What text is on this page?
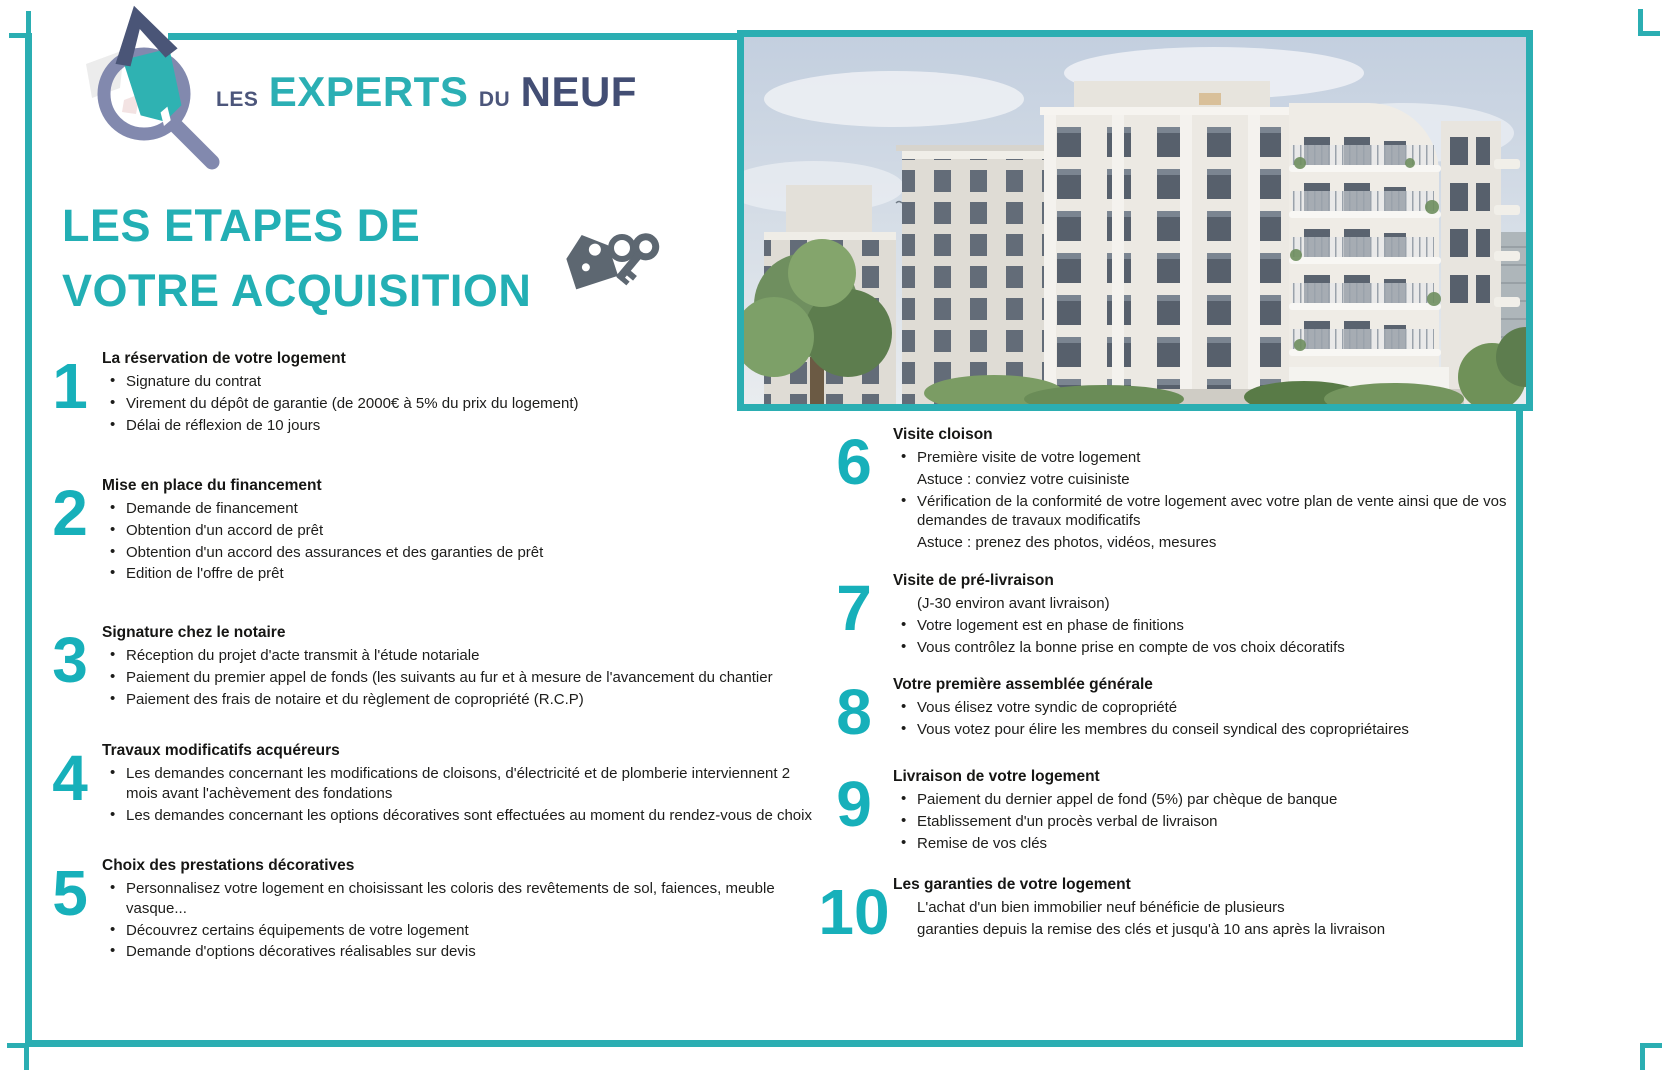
LES EXPERTS DU NEUF
LES ETAPES DE
VOTRE ACQUISITION
1 La réservation de votre logement
• Signature du contrat
• Virement du dépôt de garantie (de 2000€ à 5% du prix du logement)
• Délai de réflexion de 10 jours
2 Mise en place du financement
• Demande de financement
• Obtention d'un accord de prêt
• Obtention d'un accord des assurances et des garanties de prêt
• Edition de l'offre de prêt
3 Signature chez le notaire
• Réception du projet d'acte transmit à l'étude notariale
• Paiement du premier appel de fonds (les suivants au fur et à mesure de l'avancement du chantier
• Paiement des frais de notaire et du règlement de copropriété (R.C.P)
4 Travaux modificatifs acquéreurs
• Les demandes concernant les modifications de cloisons, d'électricité et de plomberie interviennent 2 mois avant l'achèvement des fondations
• Les demandes concernant les options décoratives sont effectuées au moment du rendez-vous de choix
5 Choix des prestations décoratives
• Personnalisez votre logement en choisissant les coloris des revêtements de sol, faiences, meuble vasque...
• Découvrez certains équipements de votre logement
• Demande d'options décoratives réalisables sur devis
6	Visite cloison
• Première visite de votre logement
Astuce : conviez votre cuisiniste
• Vérification de la conformité de votre logement avec votre plan de vente ainsi que de vos demandes de travaux modificatifs
Astuce : prenez des photos, vidéos, mesures
7	Visite de pré-livraison
(J-30 environ avant livraison)
• Votre logement est en phase de finitions
• Vous contrôlez la bonne prise en compte de vos choix décoratifs
8	Votre première assemblée générale
• Vous élisez votre syndic de copropriété
• Vous votez pour élire les membres du conseil syndical des copropriétaires
9	Livraison de votre logement
• Paiement du dernier appel de fond (5%) par chèque de banque
• Etablissement d'un procès verbal de livraison
• Remise de vos clés
10 Les garanties de votre logement
L'achat d'un bien immobilier neuf bénéficie de plusieurs
garanties depuis la remise des clés et jusqu'à 10 ans après la livraison
